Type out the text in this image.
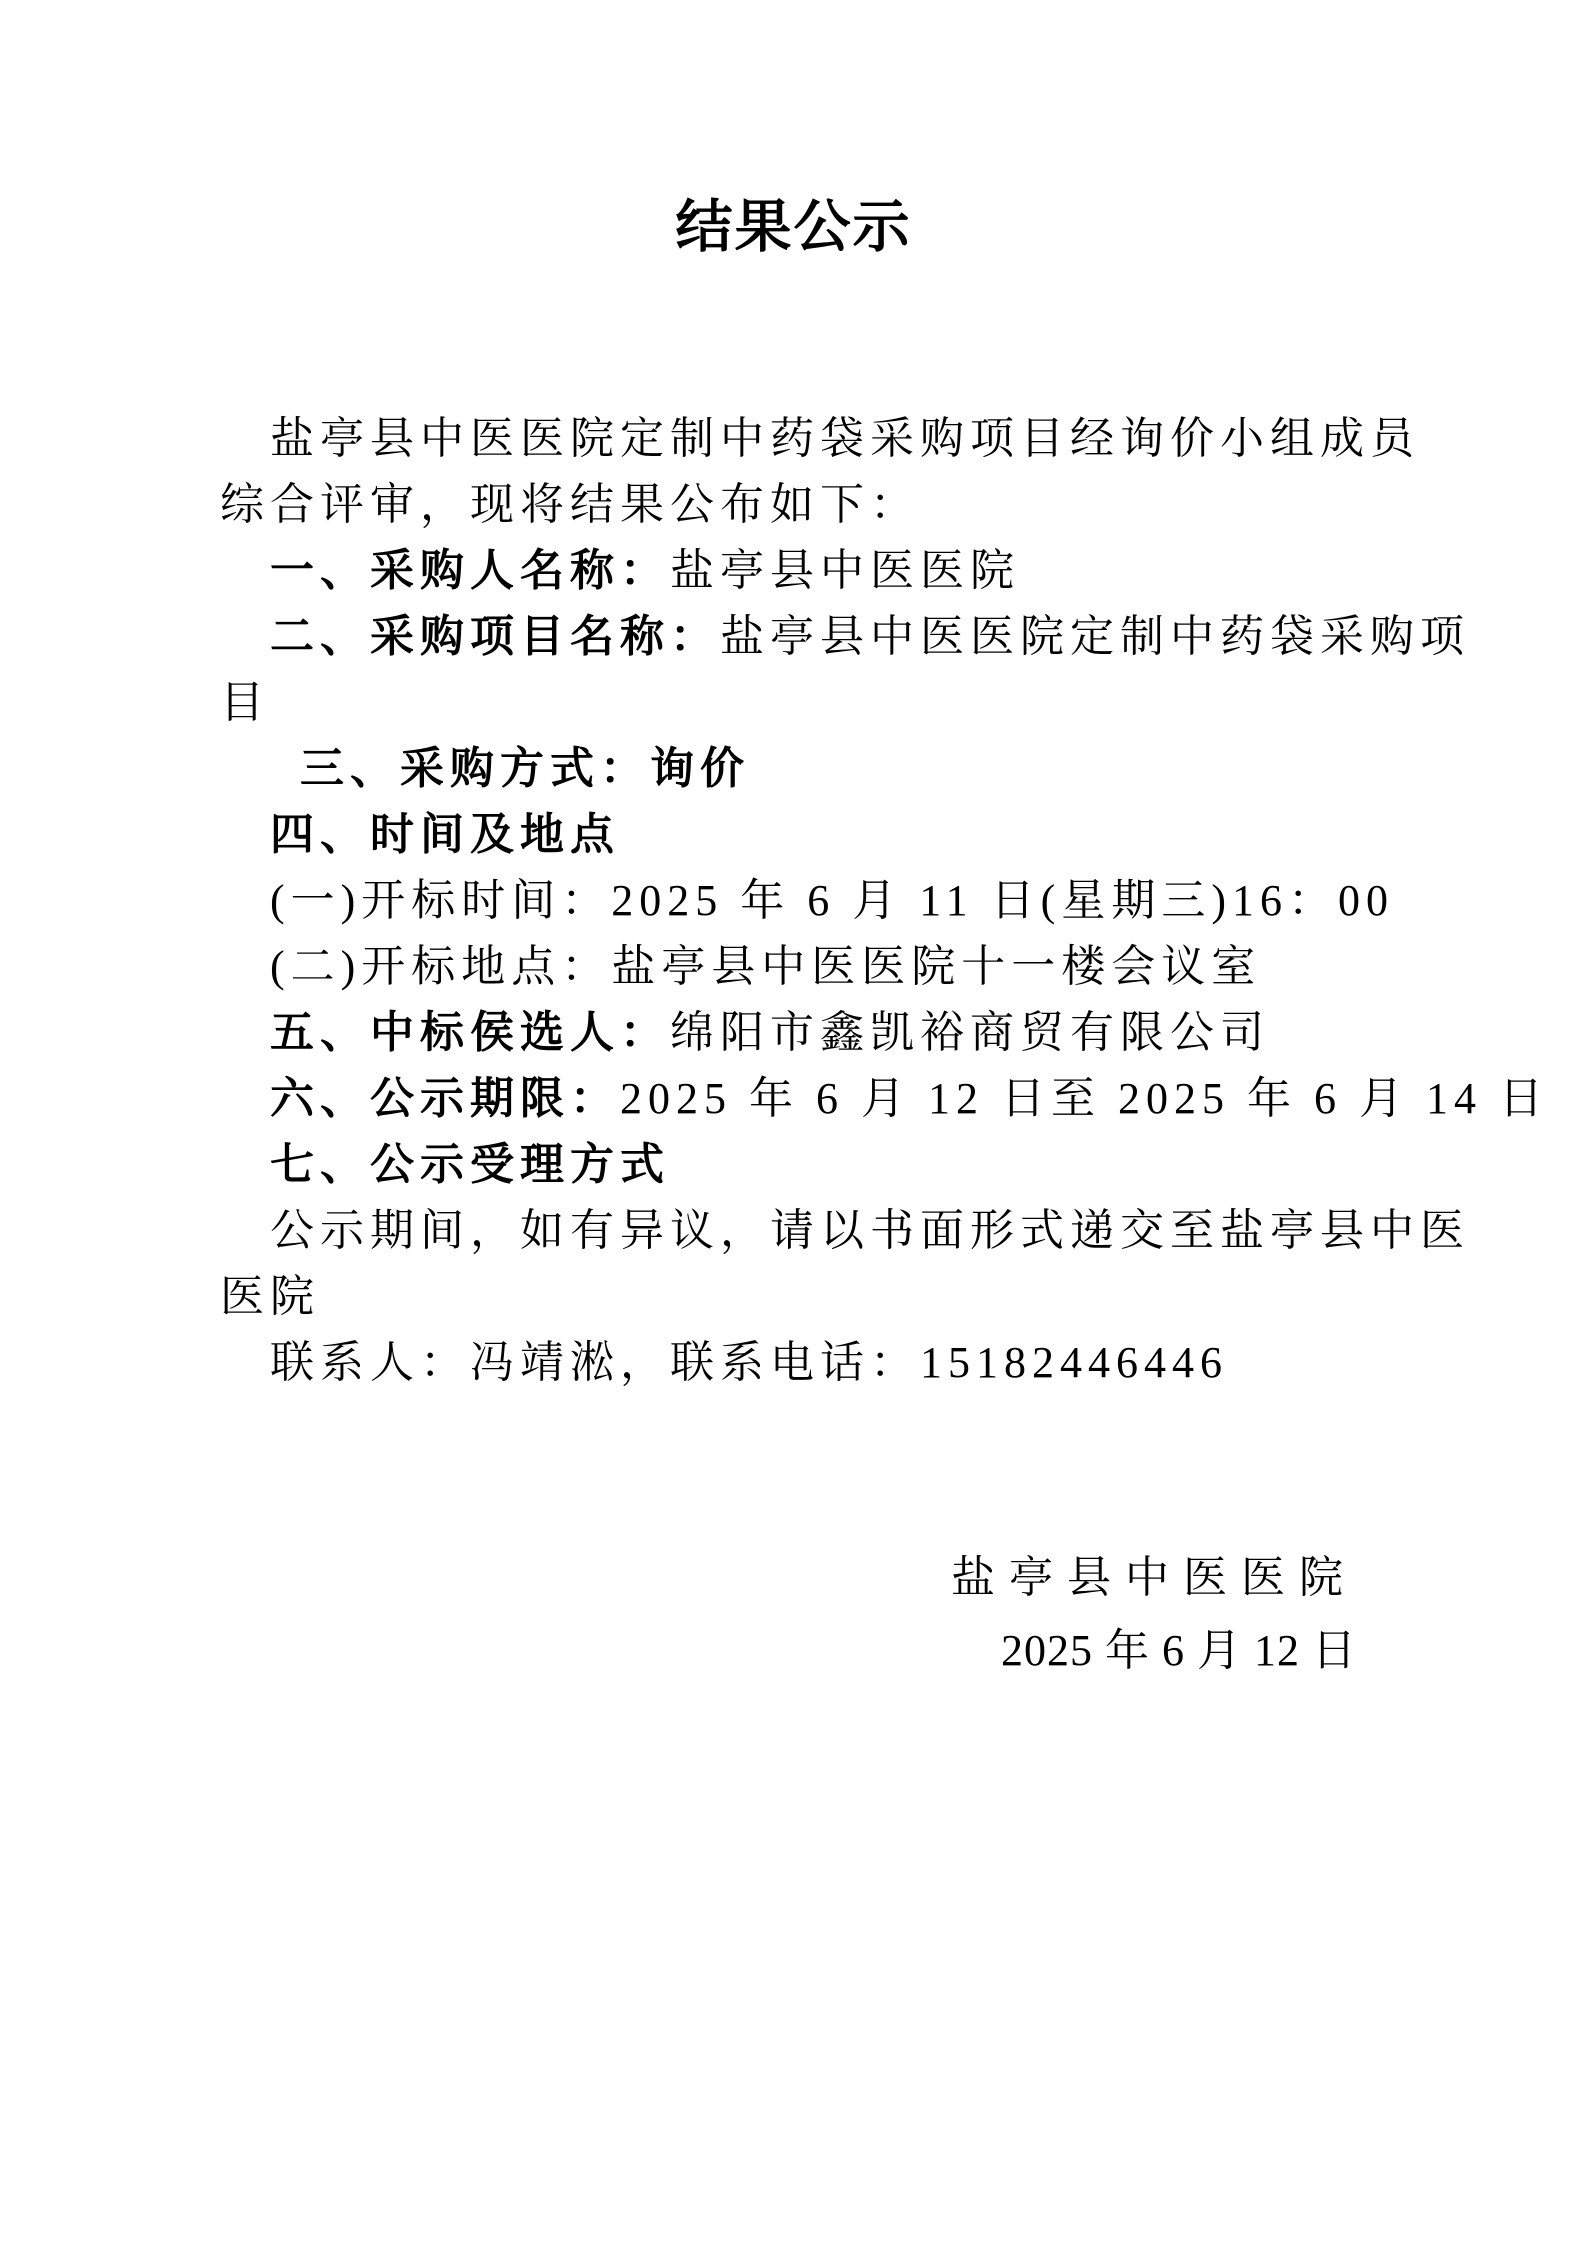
结果公示
盐亭县中医医院定制中药袋采购项目经询价小组成员
综合评审，现将结果公布如下：
一、采购人名称：盐亭县中医医院
二、采购项目名称：盐亭县中医医院定制中药袋采购项
目
三、采购方式：询价
四、时间及地点
(一)开标时间：2025 年 6 月 11 日(星期三)16：00
(二)开标地点：盐亭县中医医院十一楼会议室
五、中标侯选人：绵阳市鑫凯裕商贸有限公司
六、公示期限：2025 年 6 月 12 日至 2025 年 6 月 14 日
七、公示受理方式
公示期间，如有异议，请以书面形式递交至盐亭县中医
医院
联系人：冯靖淞，联系电话：15182446446
盐亭县中医医院
2025 年 6 月 12 日
